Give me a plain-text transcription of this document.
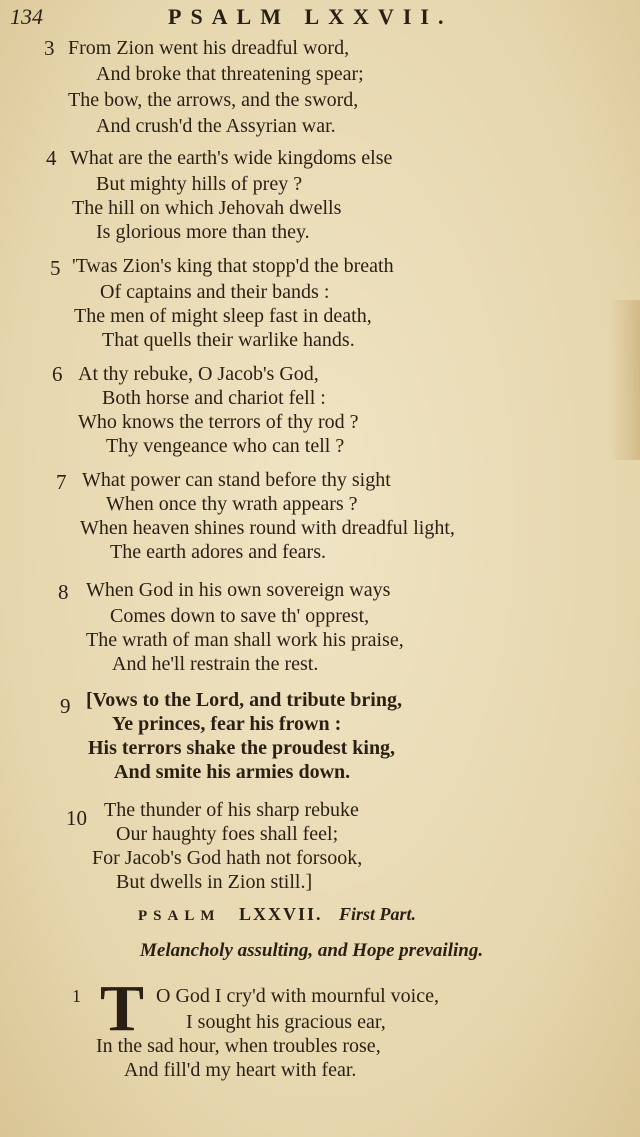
134	PSALM LXXVII.
3 From Zion went his dreadful word,
And broke that threatening spear;
The bow, the arrows, and the sword,
And crush'd the Assyrian war.
4 What are the earth's wide kingdoms else
But mighty hills of prey ?
The hill on which Jehovah dwells
Is glorious more than they.
5 'Twas Zion's king that stopp'd the breath
Of captains and their bands :
The men of might sleep fast in death,
That quells their warlike hands.
6 At thy rebuke, O Jacob's God,
Both horse and chariot fell :
Who knows the terrors of thy rod ?
Thy vengeance who can tell ?
7 What power can stand before thy sight
When once thy wrath appears ?
When heaven shines round with dreadful light,
The earth adores and fears.
8 When God in his own sovereign ways
Comes down to save th' opprest,
The wrath of man shall work his praise,
And he'll restrain the rest.
9 [Vows to the Lord, and tribute bring,
Ye princes, fear his frown :
His terrors shake the proudest king,
And smite his armies down.
10 The thunder of his sharp rebuke
Our haughty foes shall feel;
For Jacob's God hath not forsook,
But dwells in Zion still.]
PSALM LXXVII. First Part.
Melancholy assulting, and Hope prevailing.
1 T O God I cry'd with mournful voice,
I sought his gracious ear,
In the sad hour, when troubles rose,
And fill'd my heart with fear.
